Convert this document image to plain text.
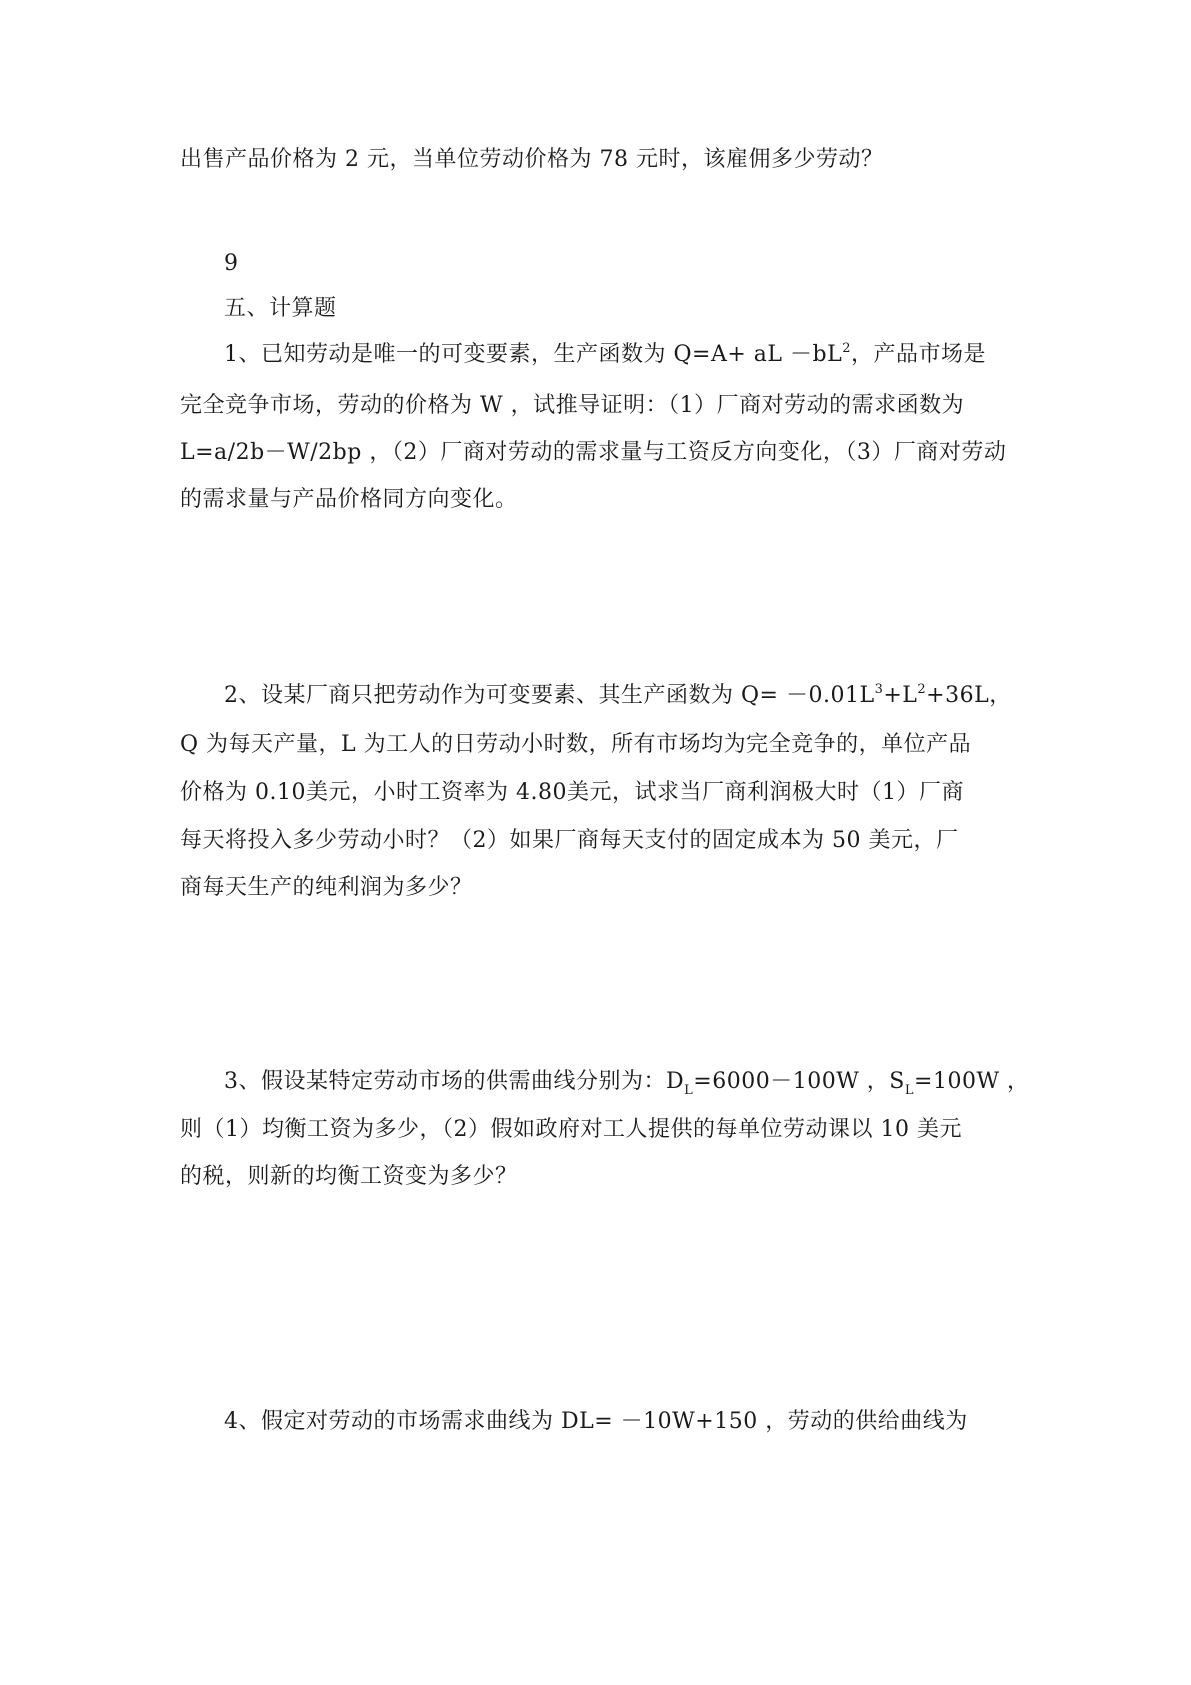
出售产品价格为 2 元，当单位劳动价格为 78 元时，该雇佣多少劳动？
9
五、计算题
1、已知劳动是唯一的可变要素，生产函数为 Q=A+ aL $-bL^2$，产品市场是
完全竞争市场，劳动的价格为 W ，试推导证明：（1）厂商对劳动的需求函数为
L=a/2b－W/2bp ，（2）厂商对劳动的需求量与工资反方向变化，（3）厂商对劳动
的需求量与产品价格同方向变化。
2、设某厂商只把劳动作为可变要素、其生产函数为 $Q= -0.01L^3+L^2+36L$，
Q 为每天产量，L 为工人的日劳动小时数，所有市场均为完全竞争的，单位产品
价格为 0.10美元，小时工资率为 4.80美元，试求当厂商利润极大时（1）厂商
每天将投入多少劳动小时？（2）如果厂商每天支付的固定成本为 50 美元，厂
商每天生产的纯利润为多少？
3、假设某特定劳动市场的供需曲线分别为：$D_L=6000-100W$ ，$S_L=100W$ ，
则（1）均衡工资为多少，（2）假如政府对工人提供的每单位劳动课以 10 美元
的税，则新的均衡工资变为多少？
4、假定对劳动的市场需求曲线为 DL= －10W+150 ，劳动的供给曲线为
